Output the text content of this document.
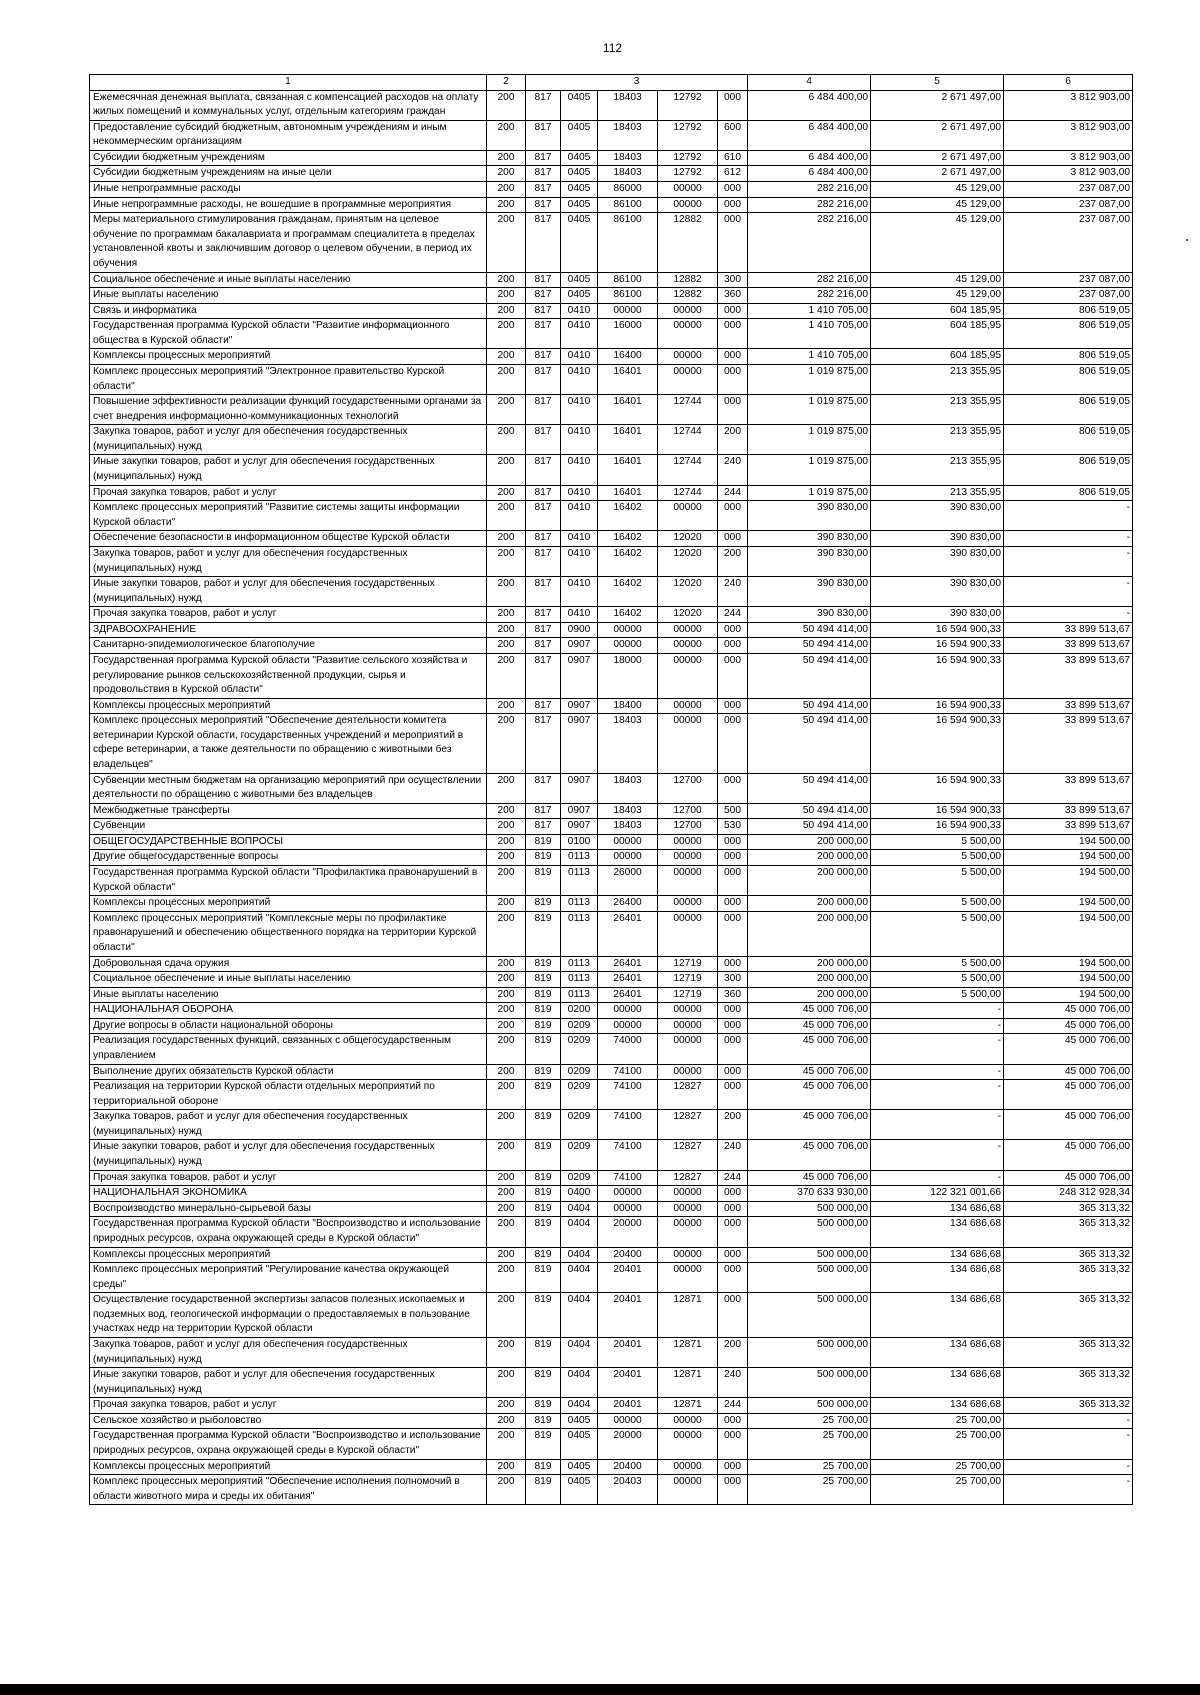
112
1	2	3					4	5	6
Ежемесячная денежная выплата, связанная с компенсацией расходов на оплату жилых помещений и коммунальных услуг, отдельным категориям граждан	200	817	0405	18403	12792	000	6 484 400,00	2 671 497,00	3 812 903,00
Предоставление субсидий бюджетным, автономным учреждениям и иным некоммерческим организациям	200	817	0405	18403	12792	600	6 484 400,00	2 671 497,00	3 812 903,00
Субсидии бюджетным учреждениям	200	817	0405	18403	12792	610	6 484 400,00	2 671 497,00	3 812 903,00
Субсидии бюджетным учреждениям на иные цели	200	817	0405	18403	12792	612	6 484 400,00	2 671 497,00	3 812 903,00
Иные непрограммные расходы	200	817	0405	86000	00000	000	282 216,00	45 129,00	237 087,00
Иные непрограммные расходы, не вошедшие в программные мероприятия	200	817	0405	86100	00000	000	282 216,00	45 129,00	237 087,00
Меры материального стимулирования гражданам, принятым на целевое обучение по программам бакалавриата и программам специалитета в пределах установленной квоты и заключившим договор о целевом обучении, в период их обучения	200	817	0405	86100	12882	000	282 216,00	45 129,00	237 087,00
Социальное обеспечение и иные выплаты населению	200	817	0405	86100	12882	300	282 216,00	45 129,00	237 087,00
Иные выплаты населению	200	817	0405	86100	12882	360	282 216,00	45 129,00	237 087,00
Связь и информатика	200	817	0410	00000	00000	000	1 410 705,00	604 185,95	806 519,05
Государственная программа Курской области "Развитие информационного общества в Курской области"	200	817	0410	16000	00000	000	1 410 705,00	604 185,95	806 519,05
Комплексы процессных мероприятий	200	817	0410	16400	00000	000	1 410 705,00	604 185,95	806 519,05
Комплекс процессных мероприятий "Электронное правительство Курской области"	200	817	0410	16401	00000	000	1 019 875,00	213 355,95	806 519,05
Повышение эффективности реализации функций государственными органами за счет внедрения информационно-коммуникационных технологий	200	817	0410	16401	12744	000	1 019 875,00	213 355,95	806 519,05
Закупка товаров, работ и услуг для обеспечения государственных (муниципальных) нужд	200	817	0410	16401	12744	200	1 019 875,00	213 355,95	806 519,05
Иные закупки товаров, работ и услуг для обеспечения государственных (муниципальных) нужд	200	817	0410	16401	12744	240	1 019 875,00	213 355,95	806 519,05
Прочая закупка товаров, работ и услуг	200	817	0410	16401	12744	244	1 019 875,00	213 355,95	806 519,05
Комплекс процессных мероприятий "Развитие системы защиты информации Курской области"	200	817	0410	16402	00000	000	390 830,00	390 830,00	-
Обеспечение безопасности в информационном обществе Курской области	200	817	0410	16402	12020	000	390 830,00	390 830,00	-
Закупка товаров, работ и услуг для обеспечения государственных (муниципальных) нужд	200	817	0410	16402	12020	200	390 830,00	390 830,00	-
Иные закупки товаров, работ и услуг для обеспечения государственных (муниципальных) нужд	200	817	0410	16402	12020	240	390 830,00	390 830,00	-
Прочая закупка товаров, работ и услуг	200	817	0410	16402	12020	244	390 830,00	390 830,00	-
ЗДРАВООХРАНЕНИЕ	200	817	0900	00000	00000	000	50 494 414,00	16 594 900,33	33 899 513,67
Санитарно-эпидемиологическое благополучие	200	817	0907	00000	00000	000	50 494 414,00	16 594 900,33	33 899 513,67
Государственная программа Курской области "Развитие сельского хозяйства и регулирование рынков сельскохозяйственной продукции, сырья и продовольствия в Курской области"	200	817	0907	18000	00000	000	50 494 414,00	16 594 900,33	33 899 513,67
Комплексы процессных мероприятий	200	817	0907	18400	00000	000	50 494 414,00	16 594 900,33	33 899 513,67
Комплекс процессных мероприятий "Обеспечение деятельности комитета ветеринарии Курской области, государственных учреждений и мероприятий в сфере ветеринарии, а также деятельности по обращению с животными без владельцев"	200	817	0907	18403	00000	000	50 494 414,00	16 594 900,33	33 899 513,67
Субвенции местным бюджетам на организацию мероприятий при осуществлении деятельности по обращению с животными без владельцев	200	817	0907	18403	12700	000	50 494 414,00	16 594 900,33	33 899 513,67
Межбюджетные трансферты	200	817	0907	18403	12700	500	50 494 414,00	16 594 900,33	33 899 513,67
Субвенции	200	817	0907	18403	12700	530	50 494 414,00	16 594 900,33	33 899 513,67
ОБЩЕГОСУДАРСТВЕННЫЕ ВОПРОСЫ	200	819	0100	00000	00000	000	200 000,00	5 500,00	194 500,00
Другие общегосударственные вопросы	200	819	0113	00000	00000	000	200 000,00	5 500,00	194 500,00
Государственная программа Курской области "Профилактика правонарушений в Курской области"	200	819	0113	26000	00000	000	200 000,00	5 500,00	194 500,00
Комплексы процессных мероприятий	200	819	0113	26400	00000	000	200 000,00	5 500,00	194 500,00
Комплекс процессных мероприятий "Комплексные меры по профилактике правонарушений и обеспечению общественного порядка на территории Курской области"	200	819	0113	26401	00000	000	200 000,00	5 500,00	194 500,00
Добровольная сдача оружия	200	819	0113	26401	12719	000	200 000,00	5 500,00	194 500,00
Социальное обеспечение и иные выплаты населению	200	819	0113	26401	12719	300	200 000,00	5 500,00	194 500,00
Иные выплаты населению	200	819	0113	26401	12719	360	200 000,00	5 500,00	194 500,00
НАЦИОНАЛЬНАЯ ОБОРОНА	200	819	0200	00000	00000	000	45 000 706,00	-	45 000 706,00
Другие вопросы в области национальной обороны	200	819	0209	00000	00000	000	45 000 706,00	-	45 000 706,00
Реализация государственных функций, связанных с общегосударственным управлением	200	819	0209	74000	00000	000	45 000 706,00	-	45 000 706,00
Выполнение других обязательств Курской области	200	819	0209	74100	00000	000	45 000 706,00	-	45 000 706,00
Реализация на территории Курской области отдельных мероприятий по территориальной обороне	200	819	0209	74100	12827	000	45 000 706,00	-	45 000 706,00
Закупка товаров, работ и услуг для обеспечения государственных (муниципальных) нужд	200	819	0209	74100	12827	200	45 000 706,00	-	45 000 706,00
Иные закупки товаров, работ и услуг для обеспечения государственных (муниципальных) нужд	200	819	0209	74100	12827	240	45 000 706,00	-	45 000 706,00
Прочая закупка товаров, работ и услуг	200	819	0209	74100	12827	244	45 000 706,00	-	45 000 706,00
НАЦИОНАЛЬНАЯ ЭКОНОМИКА	200	819	0400	00000	00000	000	370 633 930,00	122 321 001,66	248 312 928,34
Воспроизводство минерально-сырьевой базы	200	819	0404	00000	00000	000	500 000,00	134 686,68	365 313,32
Государственная программа Курской области "Воспроизводство и использование природных ресурсов, охрана окружающей среды в Курской области"	200	819	0404	20000	00000	000	500 000,00	134 686,68	365 313,32
Комплексы процессных мероприятий	200	819	0404	20400	00000	000	500 000,00	134 686,68	365 313,32
Комплекс процессных мероприятий "Регулирование качества окружающей среды"	200	819	0404	20401	00000	000	500 000,00	134 686,68	365 313,32
Осуществление государственной экспертизы запасов полезных ископаемых и подземных вод, геологической информации о предоставляемых в пользование участках недр на территории Курской области	200	819	0404	20401	12871	000	500 000,00	134 686,68	365 313,32
Закупка товаров, работ и услуг для обеспечения государственных (муниципальных) нужд	200	819	0404	20401	12871	200	500 000,00	134 686,68	365 313,32
Иные закупки товаров, работ и услуг для обеспечения государственных (муниципальных) нужд	200	819	0404	20401	12871	240	500 000,00	134 686,68	365 313,32
Прочая закупка товаров, работ и услуг	200	819	0404	20401	12871	244	500 000,00	134 686,68	365 313,32
Сельское хозяйство и рыболовство	200	819	0405	00000	00000	000	25 700,00	25 700,00	-
Государственная программа Курской области "Воспроизводство и использование природных ресурсов, охрана окружающей среды в Курской области"	200	819	0405	20000	00000	000	25 700,00	25 700,00	-
Комплексы процессных мероприятий	200	819	0405	20400	00000	000	25 700,00	25 700,00	-
Комплекс процессных мероприятий "Обеспечение исполнения полномочий в области животного мира и среды их обитания"	200	819	0405	20403	00000	000	25 700,00	25 700,00	-
